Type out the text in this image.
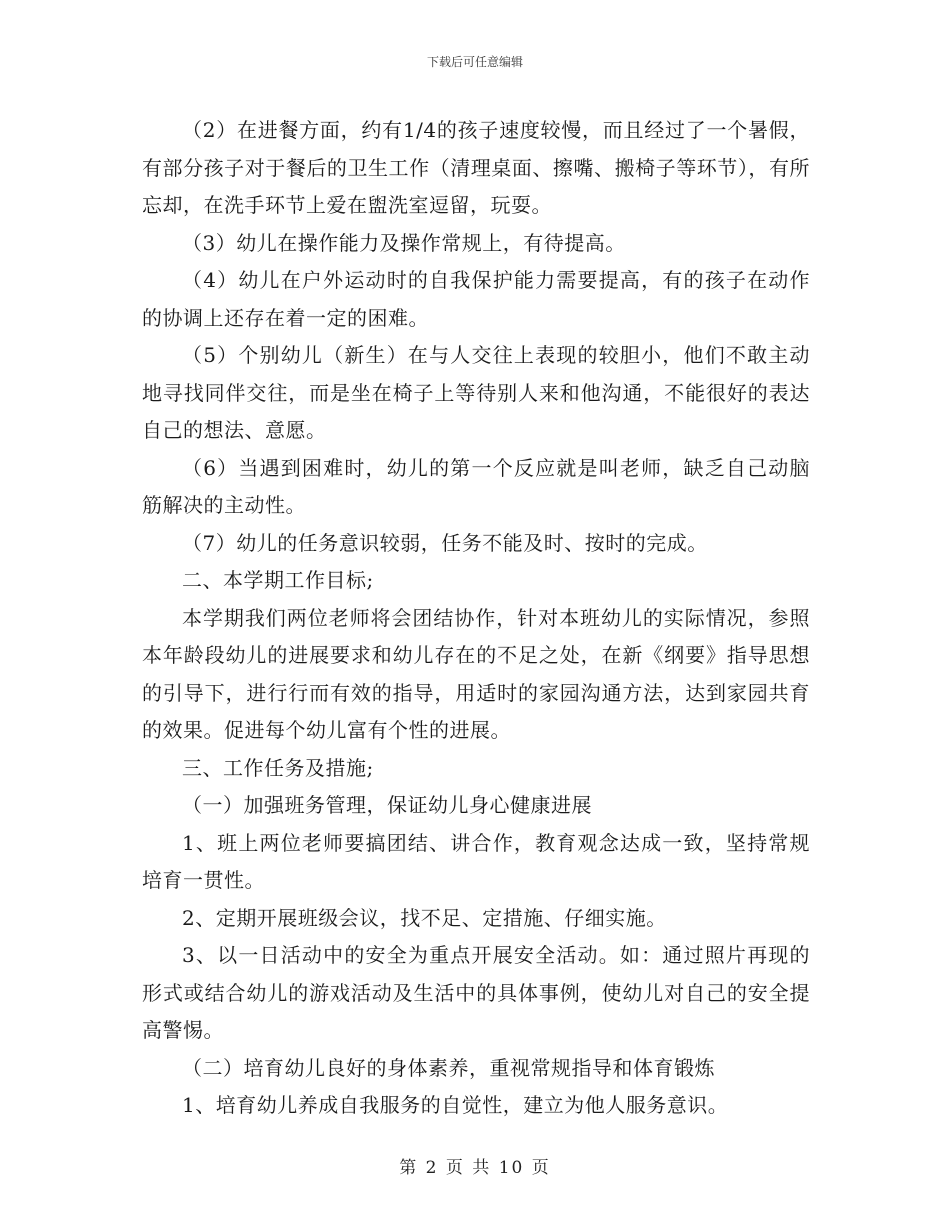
下载后可任意编辑

（2）在进餐方面，约有1/4的孩子速度较慢，而且经过了一个暑假，有部分孩子对于餐后的卫生工作（清理桌面、擦嘴、搬椅子等环节），有所忘却，在洗手环节上爱在盥洗室逗留，玩耍。

（3）幼儿在操作能力及操作常规上，有待提高。

（4）幼儿在户外运动时的自我保护能力需要提高，有的孩子在动作的协调上还存在着一定的困难。

（5）个别幼儿（新生）在与人交往上表现的较胆小，他们不敢主动地寻找同伴交往，而是坐在椅子上等待别人来和他沟通，不能很好的表达自己的想法、意愿。

（6）当遇到困难时，幼儿的第一个反应就是叫老师，缺乏自己动脑筋解决的主动性。

（7）幼儿的任务意识较弱，任务不能及时、按时的完成。

二、本学期工作目标;

本学期我们两位老师将会团结协作，针对本班幼儿的实际情况，参照本年龄段幼儿的进展要求和幼儿存在的不足之处，在新《纲要》指导思想的引导下，进行行而有效的指导，用适时的家园沟通方法，达到家园共育的效果。促进每个幼儿富有个性的进展。

三、工作任务及措施;

（一）加强班务管理，保证幼儿身心健康进展

1、班上两位老师要搞团结、讲合作，教育观念达成一致，坚持常规培育一贯性。

2、定期开展班级会议，找不足、定措施、仔细实施。

3、以一日活动中的安全为重点开展安全活动。如：通过照片再现的形式或结合幼儿的游戏活动及生活中的具体事例，使幼儿对自己的安全提高警惕。

（二）培育幼儿良好的身体素养，重视常规指导和体育锻炼

1、培育幼儿养成自我服务的自觉性，建立为他人服务意识。

第 2 页 共 10 页
